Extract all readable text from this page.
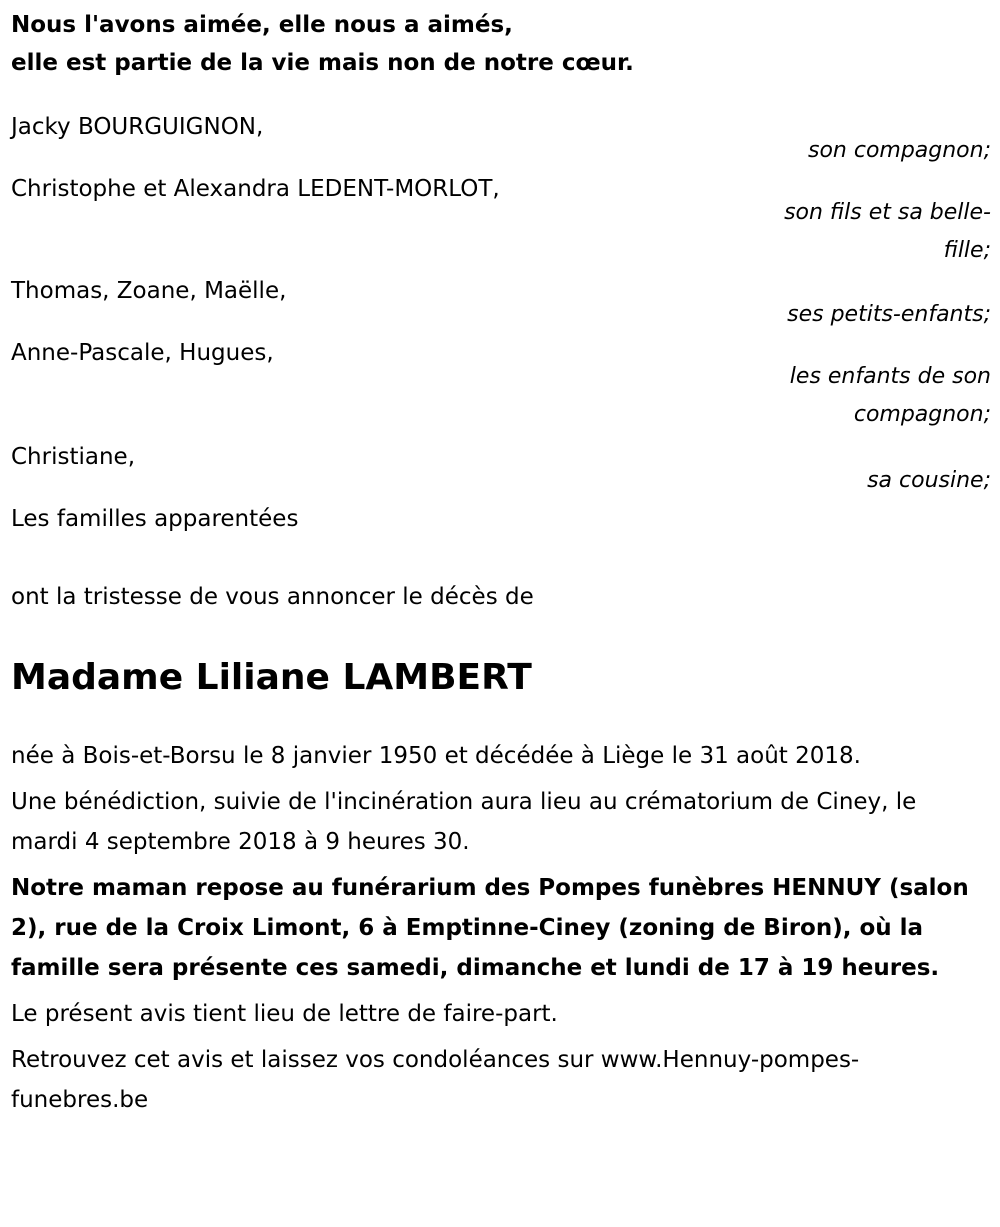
Nous l'avons aimée, elle nous a aimés,
elle est partie de la vie mais non de notre cœur.
Jacky BOURGUIGNON,
son compagnon;
Christophe et Alexandra LEDENT-MORLOT,
son fils et sa belle-fille;
Thomas, Zoane, Maëlle,
ses petits-enfants;
Anne-Pascale, Hugues,
les enfants de son compagnon;
Christiane,
sa cousine;
Les familles apparentées
ont la tristesse de vous annoncer le décès de
Madame Liliane LAMBERT

née à Bois-et-Borsu le 8 janvier 1950 et décédée à Liège le 31 août 2018.

Une bénédiction, suivie de l'incinération aura lieu au crématorium de Ciney, le mardi 4 septembre 2018 à 9 heures 30.

Notre maman repose au funérarium des Pompes funèbres HENNUY (salon 2), rue de la Croix Limont, 6 à Emptinne-Ciney (zoning de Biron), où la famille sera présente ces samedi, dimanche et lundi de 17 à 19 heures.

Le présent avis tient lieu de lettre de faire-part.

Retrouvez cet avis et laissez vos condoléances sur www.Hennuy-pompes-funebres.be
